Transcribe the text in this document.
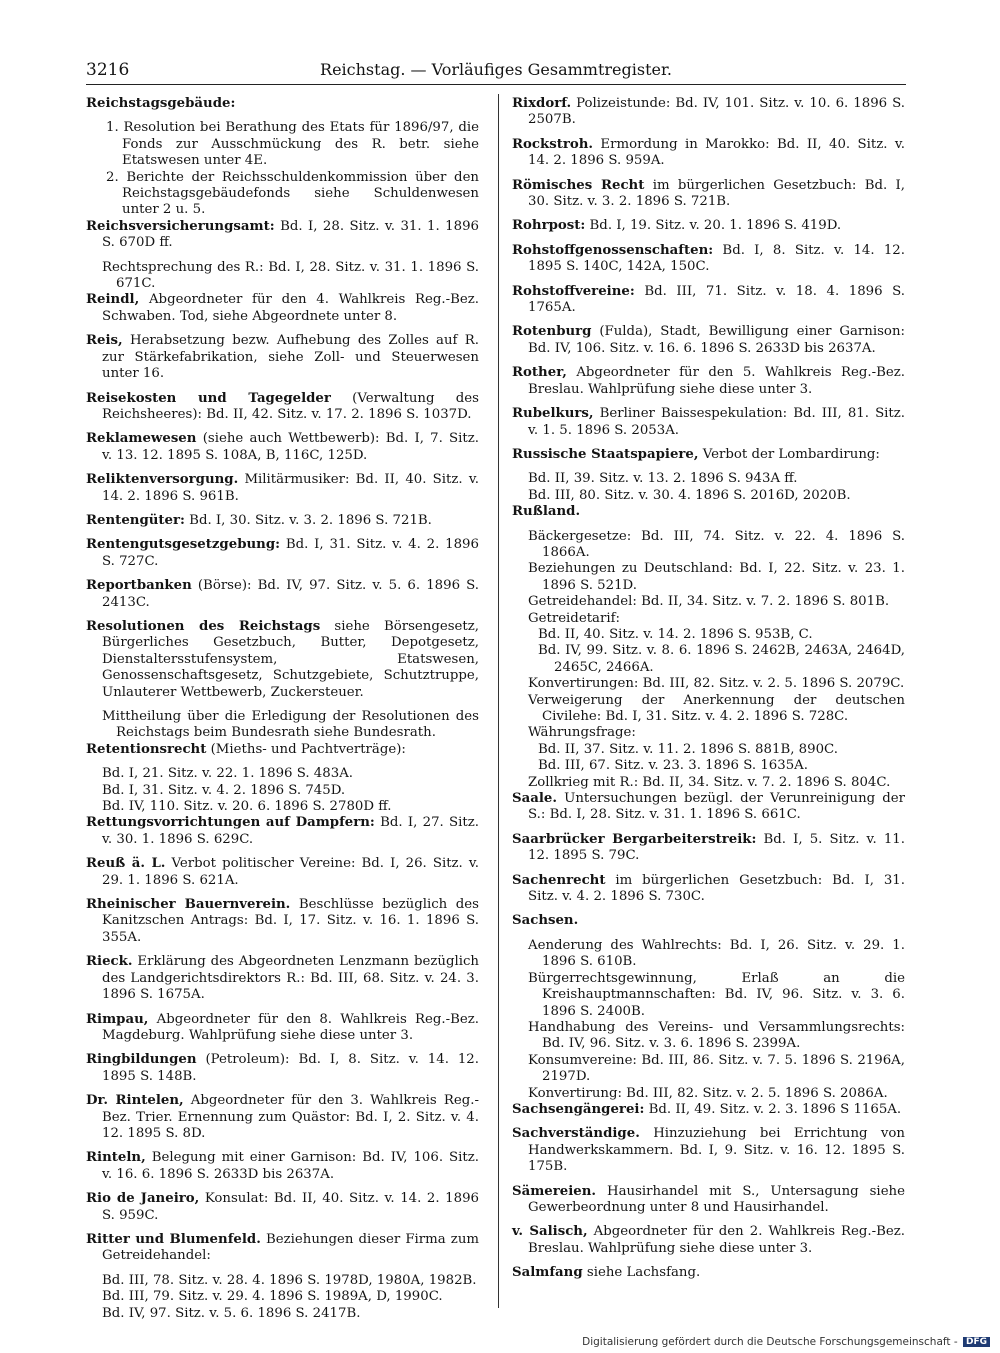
3216	Reichstag. — Vorläufiges Gesammtregister.

Reichstagsgebäude:

1. Resolution bei Berathung des Etats für 1896/97, die Fonds zur Ausschmückung des R. betr. siehe Etatswesen unter 4E.

2. Berichte der Reichsschuldenkommission über den Reichstagsgebäudefonds siehe Schuldenwesen unter 2 u. 5.

Reichsversicherungsamt: Bd. I, 28. Sitz. v. 31. 1. 1896 S. 670D ff.

Rechtsprechung des R.: Bd. I, 28. Sitz. v. 31. 1. 1896 S. 671C.

Reindl, Abgeordneter für den 4. Wahlkreis Reg.-Bez. Schwaben. Tod, siehe Abgeordnete unter 8.

Reis, Herabsetzung bezw. Aufhebung des Zolles auf R. zur Stärkefabrikation, siehe Zoll- und Steuerwesen unter 16.

Reisekosten und Tagegelder (Verwaltung des Reichsheeres): Bd. II, 42. Sitz. v. 17. 2. 1896 S. 1037D.

Reklamewesen (siehe auch Wettbewerb): Bd. I, 7. Sitz. v. 13. 12. 1895 S. 108A, B, 116C, 125D.

Reliktenversorgung. Militärmusiker: Bd. II, 40. Sitz. v. 14. 2. 1896 S. 961B.

Rentengüter: Bd. I, 30. Sitz. v. 3. 2. 1896 S. 721B.

Rentengutsgesetzgebung: Bd. I, 31. Sitz. v. 4. 2. 1896 S. 727C.

Reportbanken (Börse): Bd. IV, 97. Sitz. v. 5. 6. 1896 S. 2413C.

Resolutionen des Reichstags siehe Börsengesetz, Bürgerliches Gesetzbuch, Butter, Depotgesetz, Dienstaltersstufensystem, Etatswesen, Genossenschaftsgesetz, Schutzgebiete, Schutztruppe, Unlauterer Wettbewerb, Zuckersteuer.

Mittheilung über die Erledigung der Resolutionen des Reichstags beim Bundesrath siehe Bundesrath.

Retentionsrecht (Mieths- und Pachtverträge):

Bd. I, 21. Sitz. v. 22. 1. 1896 S. 483A.

Bd. I, 31. Sitz. v. 4. 2. 1896 S. 745D.

Bd. IV, 110. Sitz. v. 20. 6. 1896 S. 2780D ff.

Rettungsvorrichtungen auf Dampfern: Bd. I, 27. Sitz. v. 30. 1. 1896 S. 629C.

Reuß ä. L. Verbot politischer Vereine: Bd. I, 26. Sitz. v. 29. 1. 1896 S. 621A.

Rheinischer Bauernverein. Beschlüsse bezüglich des Kanitzschen Antrags: Bd. I, 17. Sitz. v. 16. 1. 1896 S. 355A.

Rieck. Erklärung des Abgeordneten Lenzmann bezüglich des Landgerichtsdirektors R.: Bd. III, 68. Sitz. v. 24. 3. 1896 S. 1675A.

Rimpau, Abgeordneter für den 8. Wahlkreis Reg.-Bez. Magdeburg. Wahlprüfung siehe diese unter 3.

Ringbildungen (Petroleum): Bd. I, 8. Sitz. v. 14. 12. 1895 S. 148B.

Dr. Rintelen, Abgeordneter für den 3. Wahlkreis Reg.-Bez. Trier. Ernennung zum Quästor: Bd. I, 2. Sitz. v. 4. 12. 1895 S. 8D.

Rinteln, Belegung mit einer Garnison: Bd. IV, 106. Sitz. v. 16. 6. 1896 S. 2633D bis 2637A.

Rio de Janeiro, Konsulat: Bd. II, 40. Sitz. v. 14. 2. 1896 S. 959C.

Ritter und Blumenfeld. Beziehungen dieser Firma zum Getreidehandel:

Bd. III, 78. Sitz. v. 28. 4. 1896 S. 1978D, 1980A, 1982B.

Bd. III, 79. Sitz. v. 29. 4. 1896 S. 1989A, D, 1990C.

Bd. IV, 97. Sitz. v. 5. 6. 1896 S. 2417B.

Rixdorf. Polizeistunde: Bd. IV, 101. Sitz. v. 10. 6. 1896 S. 2507B.

Rockstroh. Ermordung in Marokko: Bd. II, 40. Sitz. v. 14. 2. 1896 S. 959A.

Römisches Recht im bürgerlichen Gesetzbuch: Bd. I, 30. Sitz. v. 3. 2. 1896 S. 721B.

Rohrpost: Bd. I, 19. Sitz. v. 20. 1. 1896 S. 419D.

Rohstoffgenossenschaften: Bd. I, 8. Sitz. v. 14. 12. 1895 S. 140C, 142A, 150C.

Rohstoffvereine: Bd. III, 71. Sitz. v. 18. 4. 1896 S. 1765A.

Rotenburg (Fulda), Stadt, Bewilligung einer Garnison: Bd. IV, 106. Sitz. v. 16. 6. 1896 S. 2633D bis 2637A.

Rother, Abgeordneter für den 5. Wahlkreis Reg.-Bez. Breslau. Wahlprüfung siehe diese unter 3.

Rubelkurs, Berliner Baissespekulation: Bd. III, 81. Sitz. v. 1. 5. 1896 S. 2053A.

Russische Staatspapiere, Verbot der Lombardirung:

Bd. II, 39. Sitz. v. 13. 2. 1896 S. 943A ff.

Bd. III, 80. Sitz. v. 30. 4. 1896 S. 2016D, 2020B.

Rußland.

Bäckergesetze: Bd. III, 74. Sitz. v. 22. 4. 1896 S. 1866A.

Beziehungen zu Deutschland: Bd. I, 22. Sitz. v. 23. 1. 1896 S. 521D.

Getreidehandel: Bd. II, 34. Sitz. v. 7. 2. 1896 S. 801B.

Getreidetarif:

Bd. II, 40. Sitz. v. 14. 2. 1896 S. 953B, C.

Bd. IV, 99. Sitz. v. 8. 6. 1896 S. 2462B, 2463A, 2464D, 2465C, 2466A.

Konvertirungen: Bd. III, 82. Sitz. v. 2. 5. 1896 S. 2079C.

Verweigerung der Anerkennung der deutschen Civilehe: Bd. I, 31. Sitz. v. 4. 2. 1896 S. 728C.

Währungsfrage:

Bd. II, 37. Sitz. v. 11. 2. 1896 S. 881B, 890C.

Bd. III, 67. Sitz. v. 23. 3. 1896 S. 1635A.

Zollkrieg mit R.: Bd. II, 34. Sitz. v. 7. 2. 1896 S. 804C.

Saale. Untersuchungen bezügl. der Verunreinigung der S.: Bd. I, 28. Sitz. v. 31. 1. 1896 S. 661C.

Saarbrücker Bergarbeiterstreik: Bd. I, 5. Sitz. v. 11. 12. 1895 S. 79C.

Sachenrecht im bürgerlichen Gesetzbuch: Bd. I, 31. Sitz. v. 4. 2. 1896 S. 730C.

Sachsen.

Aenderung des Wahlrechts: Bd. I, 26. Sitz. v. 29. 1. 1896 S. 610B.

Bürgerrechtsgewinnung, Erlaß an die Kreishauptmannschaften: Bd. IV, 96. Sitz. v. 3. 6. 1896 S. 2400B.

Handhabung des Vereins- und Versammlungsrechts: Bd. IV, 96. Sitz. v. 3. 6. 1896 S. 2399A.

Konsumvereine: Bd. III, 86. Sitz. v. 7. 5. 1896 S. 2196A, 2197D.

Konvertirung: Bd. III, 82. Sitz. v. 2. 5. 1896 S. 2086A.

Sachsengängerei: Bd. II, 49. Sitz. v. 2. 3. 1896 S 1165A.

Sachverständige. Hinzuziehung bei Errichtung von Handwerkskammern. Bd. I, 9. Sitz. v. 16. 12. 1895 S. 175B.

Sämereien. Hausirhandel mit S., Untersagung siehe Gewerbeordnung unter 8 und Hausirhandel.

v. Salisch, Abgeordneter für den 2. Wahlkreis Reg.-Bez. Breslau. Wahlprüfung siehe diese unter 3.

Salmfang siehe Lachsfang.

Digitalisierung gefördert durch die Deutsche Forschungsgemeinschaft - DFG
